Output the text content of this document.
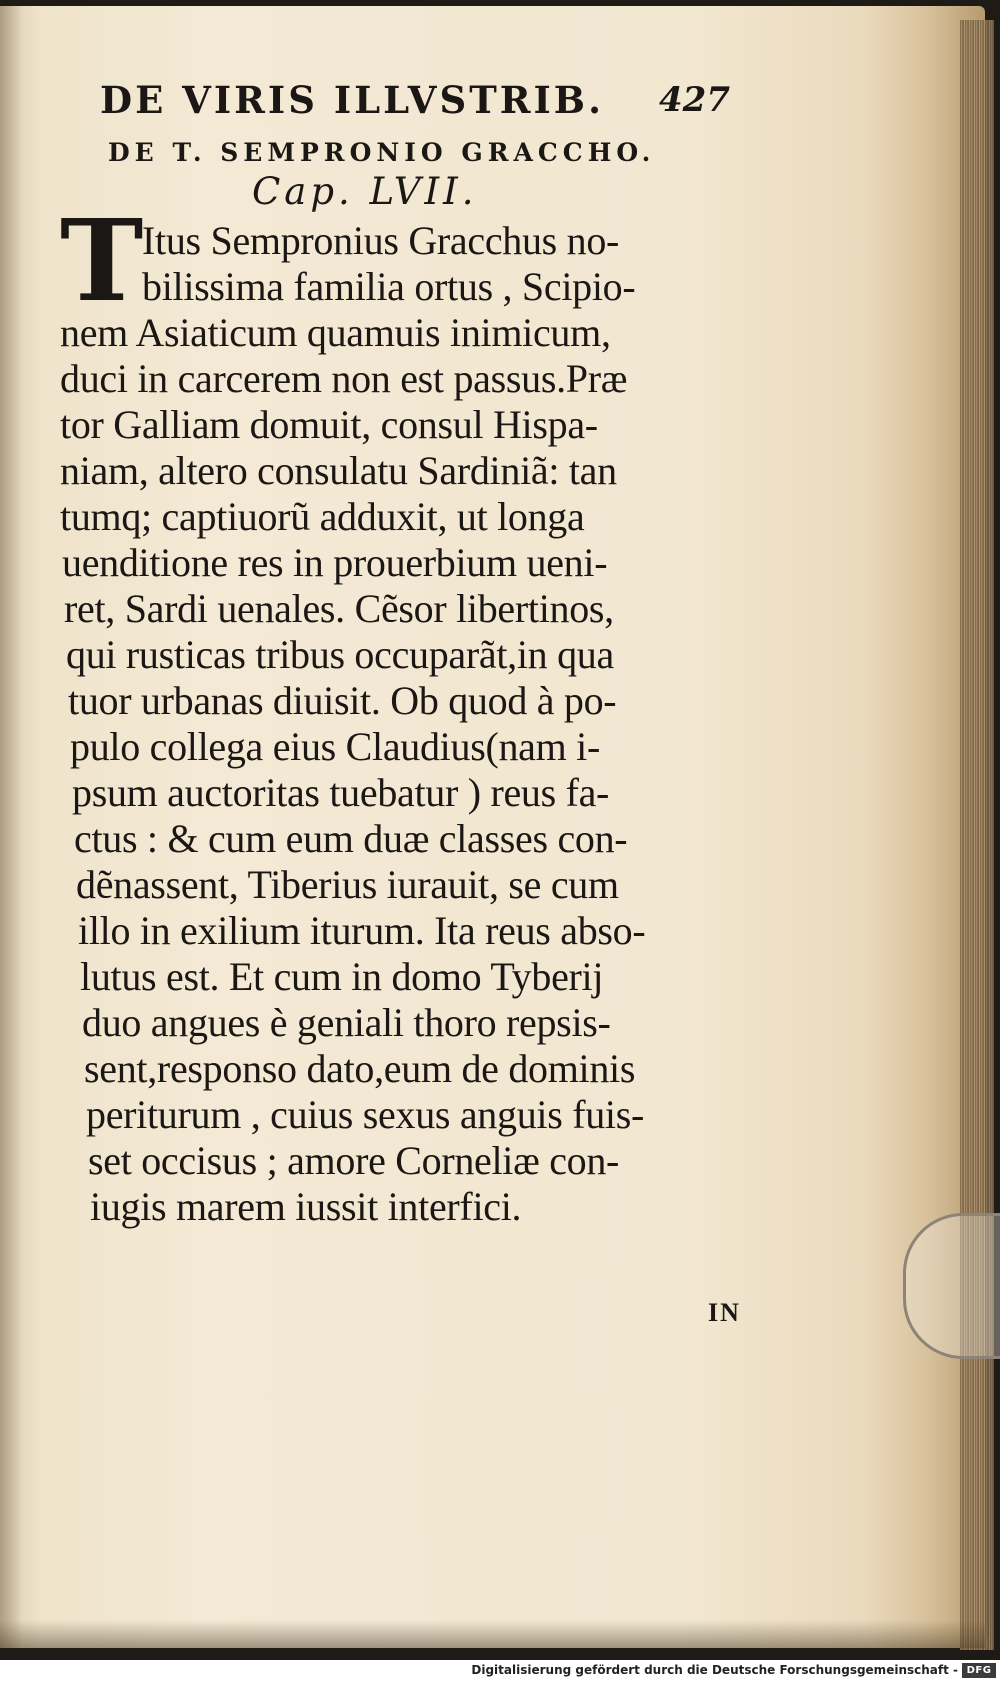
DE VIRIS ILLVSTRIB. 427
DE T. SEMPRONIO GRACCHO.
Cap. LVII.
T
Itus Sempronius Gracchus no-
bilissima familia ortus , Scipio-
nem Asiaticum quamuis inimicum,
duci in carcerem non est passus.Præ
tor Galliam domuit, consul Hispa-
niam, altero consulatu Sardiniã: tan
tumq; captiuorũ adduxit, ut longa
uenditione res in prouerbium ueni-
ret, Sardi uenales. Cẽsor libertinos,
qui rusticas tribus occuparãt,in qua
tuor urbanas diuisit. Ob quod à po-
pulo collega eius Claudius(nam i-
psum auctoritas tuebatur ) reus fa-
ctus : & cum eum duæ classes con-
dẽnassent, Tiberius iurauit, se cum
illo in exilium iturum. Ita reus abso-
lutus est. Et cum in domo Tyberij
duo angues è geniali thoro repsis-
sent,responso dato,eum de dominis
periturum , cuius sexus anguis fuis-
set occisus ; amore Corneliæ con-
iugis marem iussit interfici.
IN
Digitalisierung gefördert durch die Deutsche Forschungsgemeinschaft - DFG
